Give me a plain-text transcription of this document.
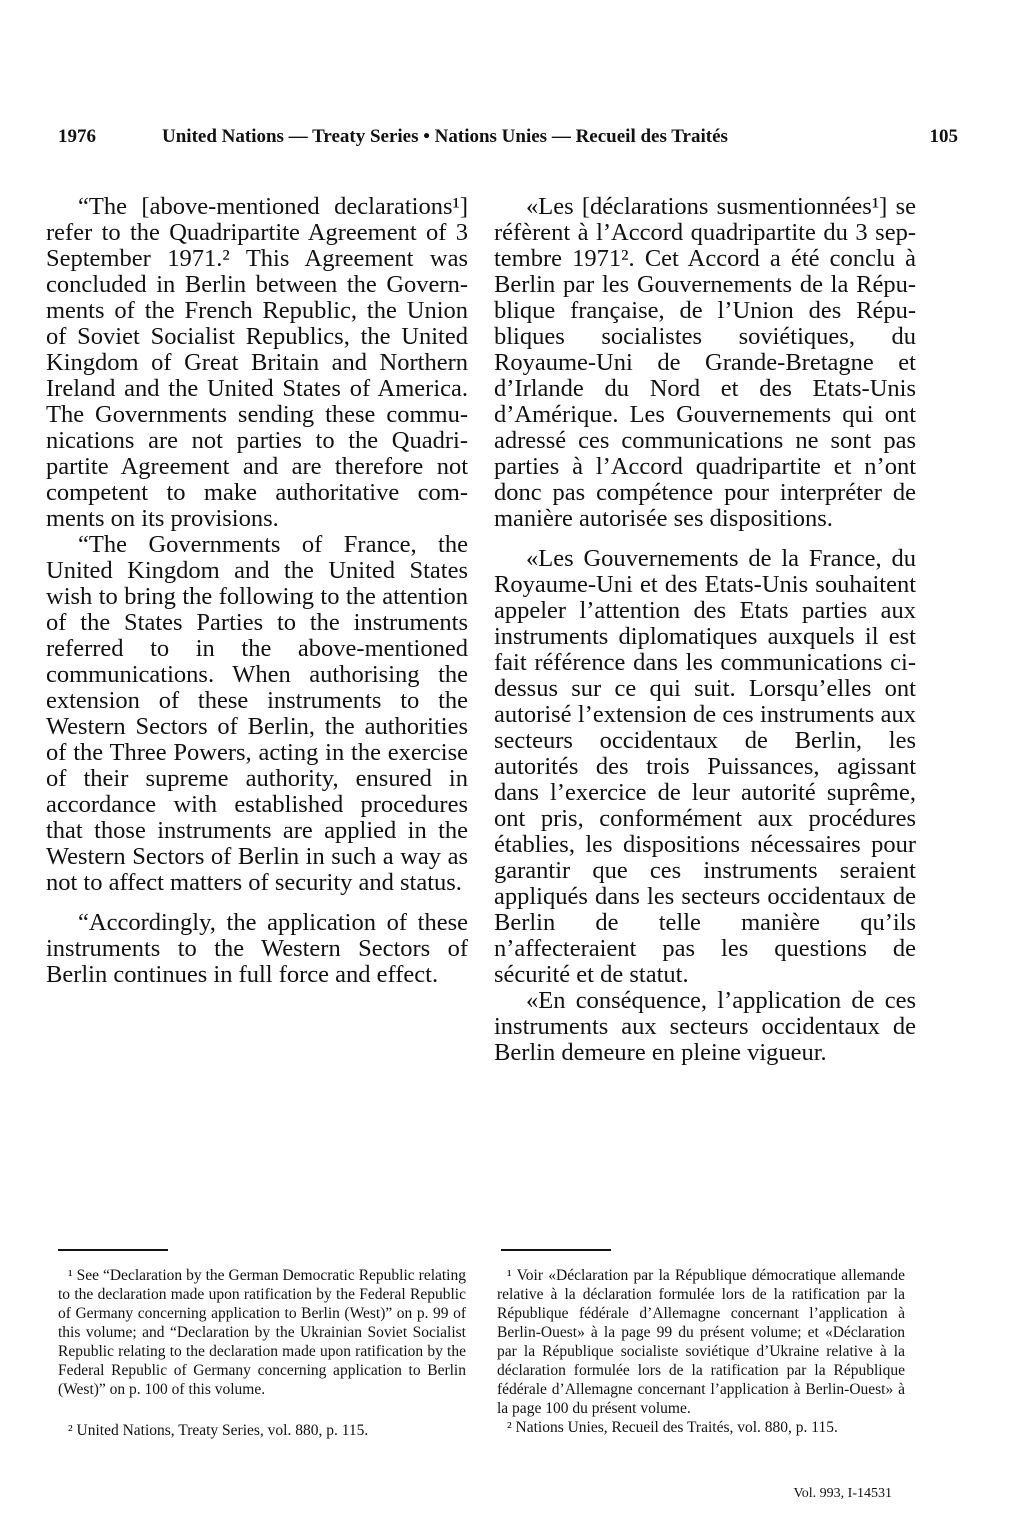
1976	United Nations — Treaty Series • Nations Unies — Recueil des Traités	105

“The [above-mentioned declarations¹] refer to the Quadripartite Agreement of 3 September 1971.² This Agreement was concluded in Berlin between the Governments of the French Republic, the Union of Soviet Socialist Republics, the United Kingdom of Great Britain and Northern Ireland and the United States of America. The Governments sending these communications are not parties to the Quadripartite Agreement and are therefore not competent to make authoritative comments on its provisions.

“The Governments of France, the United Kingdom and the United States wish to bring the following to the attention of the States Parties to the instruments referred to in the above-mentioned communications. When authorising the extension of these instruments to the Western Sectors of Berlin, the authorities of the Three Powers, acting in the exercise of their supreme authority, ensured in accordance with established procedures that those instruments are applied in the Western Sectors of Berlin in such a way as not to affect matters of security and status.

“Accordingly, the application of these instruments to the Western Sectors of Berlin continues in full force and effect.

«Les [déclarations susmentionnées¹] se réfèrent à l’Accord quadripartite du 3 septembre 1971². Cet Accord a été conclu à Berlin par les Gouvernements de la République française, de l’Union des Républiques socialistes soviétiques, du Royaume-Uni de Grande-Bretagne et d’Irlande du Nord et des Etats-Unis d’Amérique. Les Gouvernements qui ont adressé ces communications ne sont pas parties à l’Accord quadripartite et n’ont donc pas compétence pour interpréter de manière autorisée ses dispositions.

«Les Gouvernements de la France, du Royaume-Uni et des Etats-Unis souhaitent appeler l’attention des Etats parties aux instruments diplomatiques auxquels il est fait référence dans les communications ci-dessus sur ce qui suit. Lorsqu’elles ont autorisé l’extension de ces instruments aux secteurs occidentaux de Berlin, les autorités des trois Puissances, agissant dans l’exercice de leur autorité suprême, ont pris, conformément aux procédures établies, les dispositions nécessaires pour garantir que ces instruments seraient appliqués dans les secteurs occidentaux de Berlin de telle manière qu’ils n’affecteraient pas les questions de sécurité et de statut.

«En conséquence, l’application de ces instruments aux secteurs occidentaux de Berlin demeure en pleine vigueur.

¹ See “Declaration by the German Democratic Republic relating to the declaration made upon ratification by the Federal Republic of Germany concerning application to Berlin (West)” on p. 99 of this volume; and “Declaration by the Ukrainian Soviet Socialist Republic relating to the declaration made upon ratification by the Federal Republic of Germany concerning application to Berlin (West)” on p. 100 of this volume.

² United Nations, Treaty Series, vol. 880, p. 115.

¹ Voir «Déclaration par la République démocratique allemande relative à la déclaration formulée lors de la ratification par la République fédérale d’Allemagne concernant l’application à Berlin-Ouest» à la page 99 du présent volume; et «Déclaration par la République socialiste soviétique d’Ukraine relative à la déclaration formulée lors de la ratification par la République fédérale d’Allemagne concernant l’application à Berlin-Ouest» à la page 100 du présent volume.

² Nations Unies, Recueil des Traités, vol. 880, p. 115.

Vol. 993, I-14531
